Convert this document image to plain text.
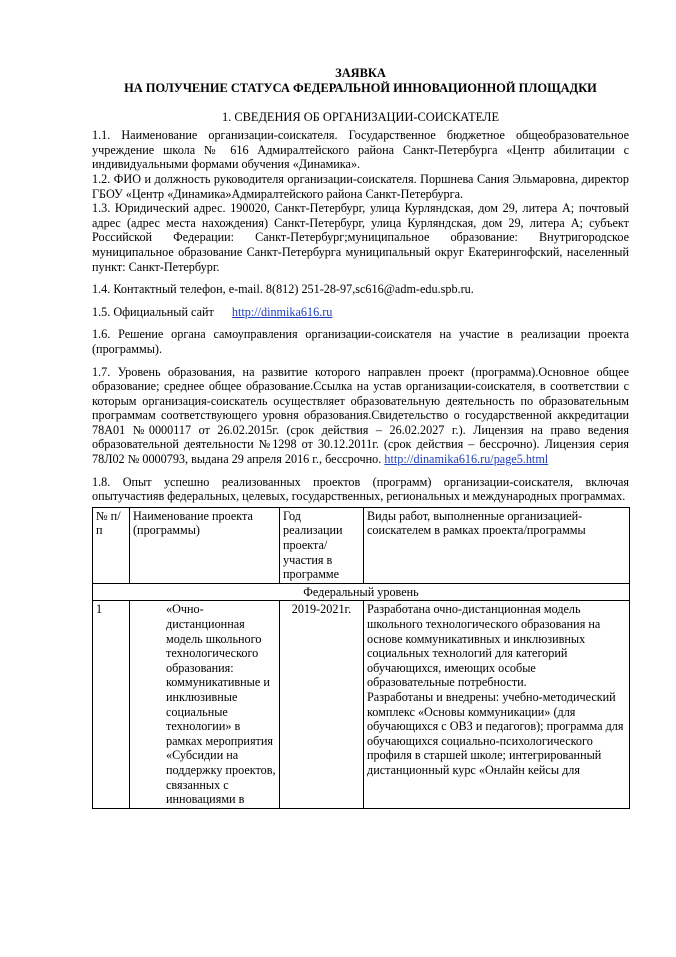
ЗАЯВКА
НА ПОЛУЧЕНИЕ СТАТУСА ФЕДЕРАЛЬНОЙ ИННОВАЦИОННОЙ ПЛОЩАДКИ
1. СВЕДЕНИЯ ОБ ОРГАНИЗАЦИИ-СОИСКАТЕЛЕ
1.1. Наименование организации-соискателя. Государственное бюджетное общеобразовательное учреждение школа № 616 Адмиралтейского района Санкт-Петербурга «Центр абилитации с индивидуальными формами обучения «Динамика».
1.2. ФИО и должность руководителя организации-соискателя. Поршнева Сания Эльмаровна, директор ГБОУ «Центр «Динамика»Адмиралтейского района Санкт-Петербурга.
1.3. Юридический адрес. 190020, Санкт-Петербург, улица Курляндская, дом 29, литера А; почтовый адрес (адрес места нахождения) Санкт-Петербург, улица Курляндская, дом 29, литера А; субъект Российской Федерации: Санкт-Петербург;муниципальное образование: Внутригородское муниципальное образование Санкт-Петербурга муниципальный округ Екатерингофский, населенный пункт: Санкт-Петербург.
1.4. Контактный телефон, e-mail. 8(812) 251-28-97,sc616@adm-edu.spb.ru.
1.5. Официальный сайт http://dinmika616.ru
1.6. Решение органа самоуправления организации-соискателя на участие в реализации проекта (программы).
1.7. Уровень образования, на развитие которого направлен проект (программа).Основное общее образование; среднее общее образование.Ссылка на устав организации-соискателя, в соответствии с которым организация-соискатель осуществляет образовательную деятельность по образовательным программам соответствующего уровня образования.Свидетельство о государственной аккредитации 78А01 №0000117 от 26.02.2015г. (срок действия – 26.02.2027 г.). Лицензия на право ведения образовательной деятельности №1298 от 30.12.2011г. (срок действия – бессрочно). Лицензия серия 78Л02 № 0000793, выдана 29 апреля 2016 г., бессрочно. http://dinamika616.ru/page5.html
1.8. Опыт успешно реализованных проектов (программ) организации-соискателя, включая опытучастияв федеральных, целевых, государственных, региональных и международных программах.
№ п/п	Наименование проекта (программы)	Год реализации проекта/участия в программе	Виды работ, выполненные организацией-соискателем в рамках проекта/программы
Федеральный уровень			
1	«Очно-дистанционная модель школьного технологического образования: коммуникативные и инклюзивные социальные технологии» в рамках мероприятия «Субсидии на поддержку проектов, связанных с инновациями в	2019-2021г.	Разработана очно-дистанционная модель школьного технологического образования на основе коммуникативных и инклюзивных социальных технологий для категорий обучающихся, имеющих особые образовательные потребности.
Разработаны и внедрены: учебно-методический комплекс «Основы коммуникации» (для обучающихся с ОВЗ и педагогов); программа для обучающихся социально-психологического профиля в старшей школе; интегрированный дистанционный курс «Онлайн кейсы для
